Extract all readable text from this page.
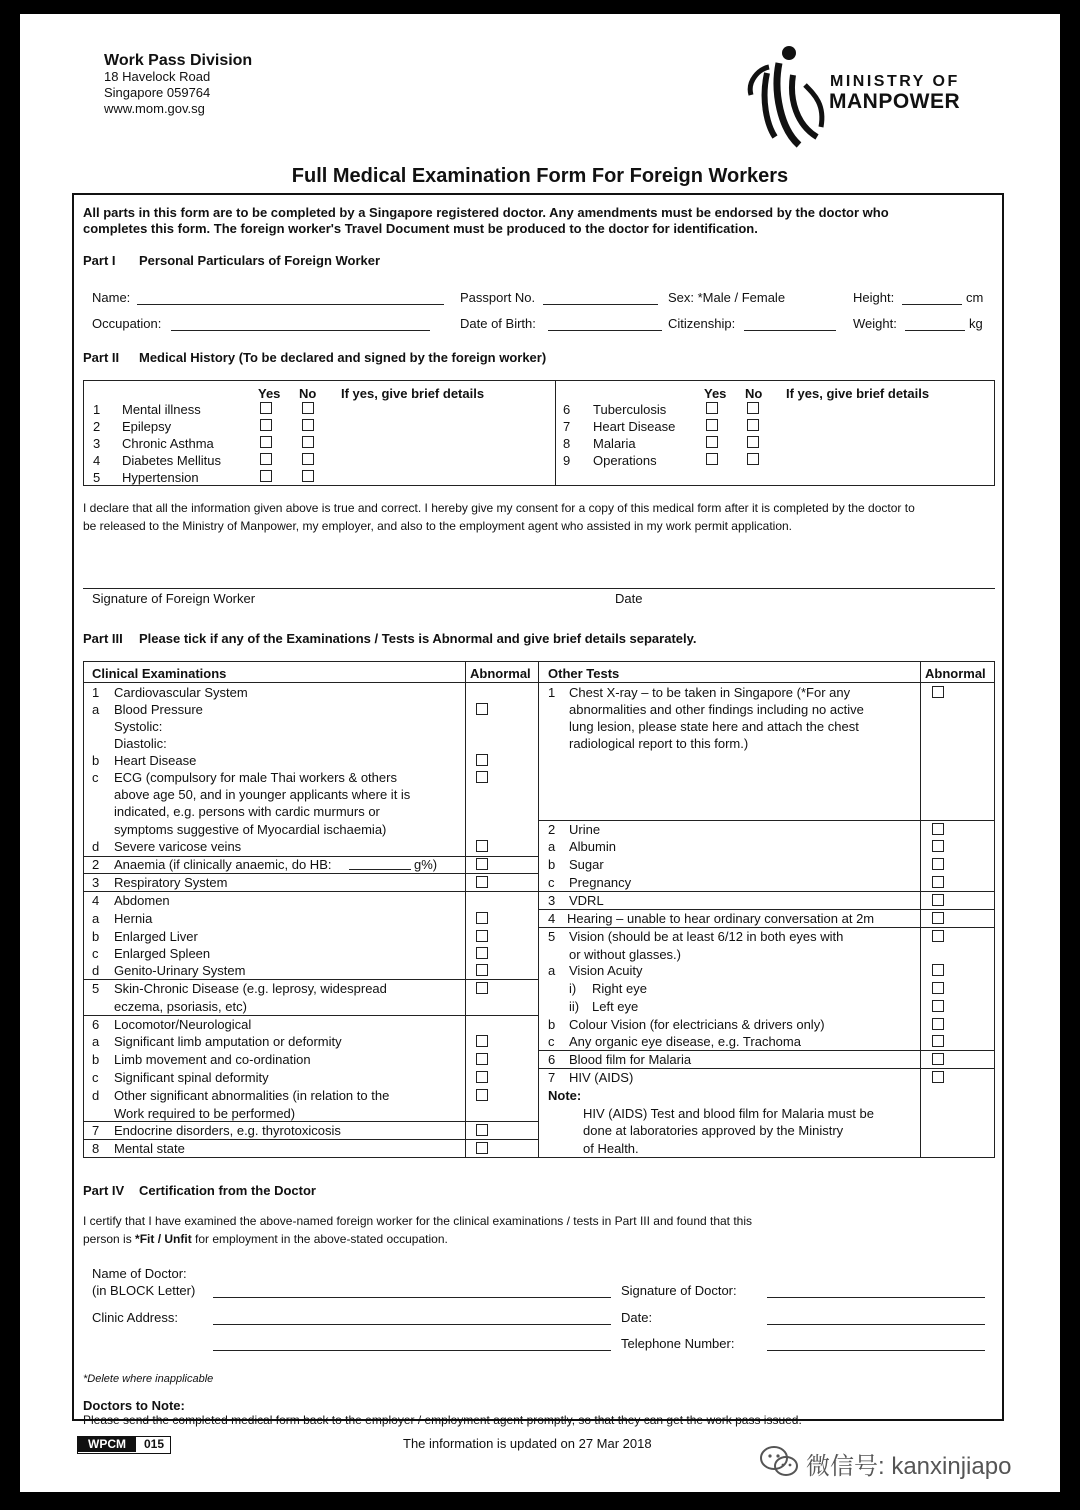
Work Pass Division
18 Havelock Road
Singapore 059764
www.mom.gov.sg
MINISTRY OF
MANPOWER
Full Medical Examination Form For Foreign Workers
All parts in this form are to be completed by a Singapore registered doctor. Any amendments must be endorsed by the doctor who
completes this form. The foreign worker's Travel Document must be produced to the doctor for identification.
Part I Personal Particulars of Foreign Worker
Name:	Passport No.	Sex: *Male / Female	Height:	cm
Occupation:	Date of Birth:	Citizenship:	Weight:	kg
Part II Medical History (To be declared and signed by the foreign worker)
Yes No If yes, give brief details	Yes No If yes, give brief details
1 Mental illness
2 Epilepsy
3 Chronic Asthma
4 Diabetes Mellitus
5 Hypertension
6 Tuberculosis
7 Heart Disease
8 Malaria
9 Operations
I declare that all the information given above is true and correct. I hereby give my consent for a copy of this medical form after it is completed by the doctor to
be released to the Ministry of Manpower, my employer, and also to the employment agent who assisted in my work permit application.
Signature of Foreign Worker	Date
Part III Please tick if any of the Examinations / Tests is Abnormal and give brief details separately.
Clinical Examinations	Abnormal Other Tests	Abnormal
1 Cardiovascular System
a Blood Pressure
Systolic:
Diastolic:
b Heart Disease
c ECG (compulsory for male Thai workers & others
above age 50, and in younger applicants where it is
indicated, e.g. persons with cardic murmurs or
symptoms suggestive of Myocardial ischaemia)
d Severe varicose veins
2 Anaemia (if clinically anaemic, do HB:	g%)
3 Respiratory System
4 Abdomen
a Hernia
b Enlarged Liver
c Enlarged Spleen
d Genito-Urinary System
5 Skin-Chronic Disease (e.g. leprosy, widespread
eczema, psoriasis, etc)
6 Locomotor/Neurological
a Significant limb amputation or deformity
b Limb movement and co-ordination
c Significant spinal deformity
d Other significant abnormalities (in relation to the
Work required to be performed)
7 Endocrine disorders, e.g. thyrotoxicosis
8 Mental state
1 Chest X-ray – to be taken in Singapore (*For any
abnormalities and other findings including no active
lung lesion, please state here and attach the chest
radiological report to this form.)
2 Urine
a Albumin
b Sugar
c Pregnancy
3 VDRL
4 Hearing – unable to hear ordinary conversation at 2m
5 Vision (should be at least 6/12 in both eyes with
or without glasses.)
a Vision Acuity
i) Right eye
ii) Left eye
b Colour Vision (for electricians & drivers only)
c Any organic eye disease, e.g. Trachoma
6 Blood film for Malaria
7 HIV (AIDS)
Note:
HIV (AIDS) Test and blood film for Malaria must be
done at laboratories approved by the Ministry
of Health.
Part IV Certification from the Doctor
I certify that I have examined the above-named foreign worker for the clinical examinations / tests in Part III and found that this
person is *Fit / Unfit for employment in the above-stated occupation.
Name of Doctor:
(in BLOCK Letter)	Signature of Doctor:
Clinic Address:	Date:
Telephone Number:
*Delete where inapplicable
Doctors to Note:
Please send the completed medical form back to the employer / employment agent promptly, so that they can get the work pass issued.
WPCM	015	The information is updated on 27 Mar 2018
微信号: kanxinjiapo
